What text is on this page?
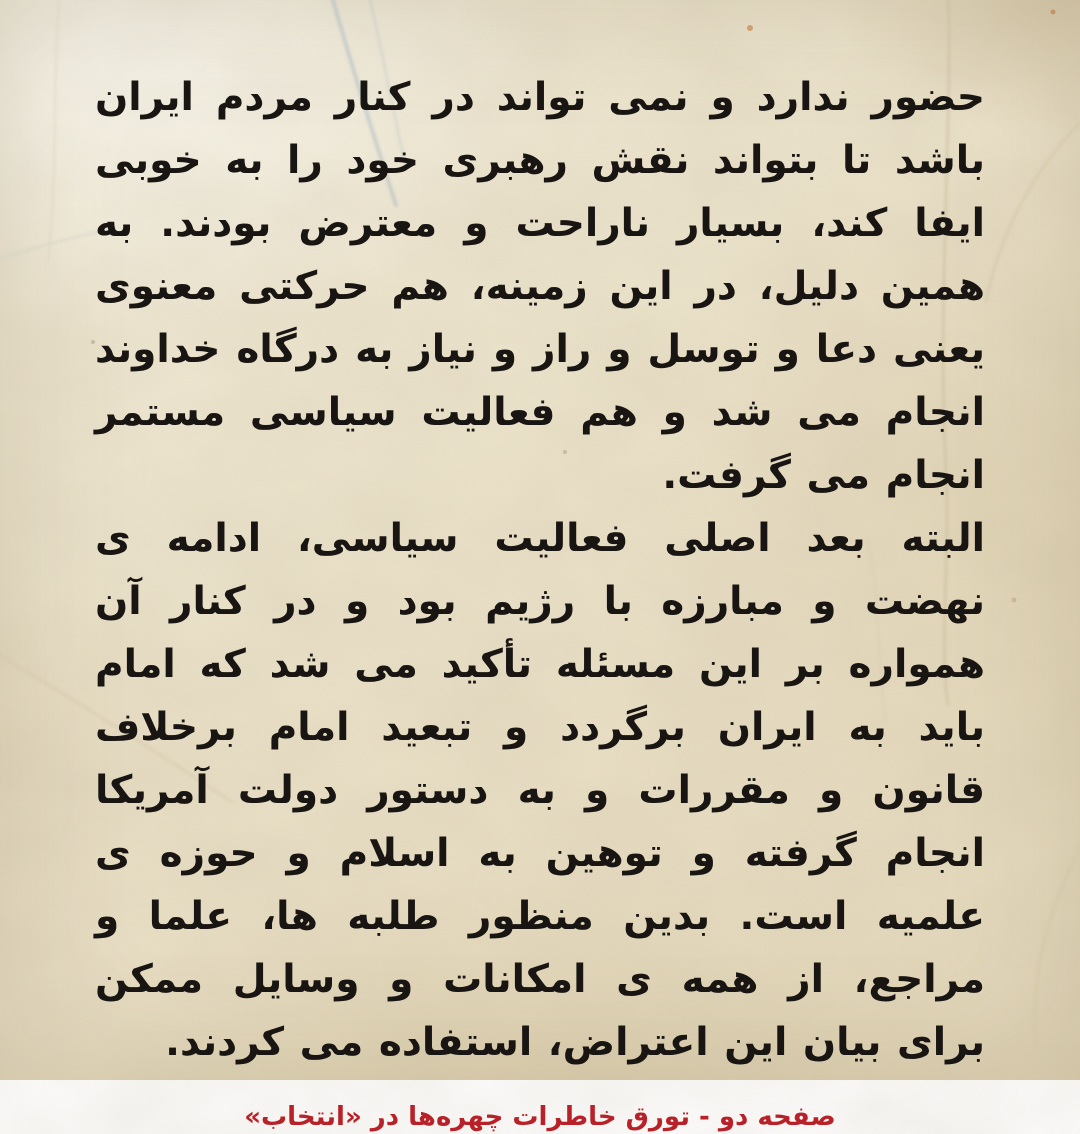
حضور ندارد و نمی تواند در کنار مردم ایران باشد تا بتواند نقش رهبری خود را به خوبی ایفا کند، بسیار ناراحت و معترض بودند. به همین دلیل، در این زمینه، هم حرکتی معنوی یعنی دعا و توسل و راز و نیاز به درگاه خداوند انجام می شد و هم فعالیت سیاسی مستمر انجام می گرفت.

البته بعد اصلی فعالیت سیاسی، ادامه ی نهضت و مبارزه با رژیم بود و در کنار آن همواره بر این مسئله تأکید می شد که امام باید به ایران برگردد و تبعید امام برخلاف قانون و مقررات و به دستور دولت آمریکا انجام گرفته و توهین به اسلام و حوزه ی علمیه است. بدین منظور طلبه ها، علما و مراجع، از همه ی امکانات و وسایل ممکن برای بیان این اعتراض، استفاده می کردند.

صفحه دو - تورق خاطرات چهره‌ها در «انتخاب»
